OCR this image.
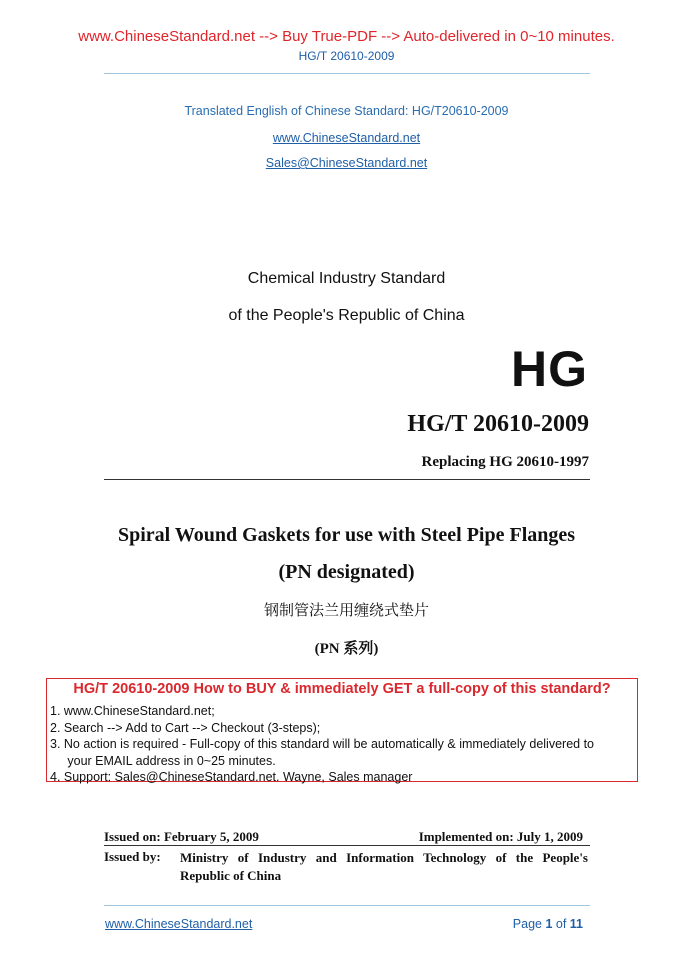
www.ChineseStandard.net --> Buy True-PDF --> Auto-delivered in 0~10 minutes.
HG/T 20610-2009
Translated English of Chinese Standard: HG/T20610-2009
www.ChineseStandard.net
Sales@ChineseStandard.net
Chemical Industry Standard
of the People's Republic of China
HG
HG/T 20610-2009
Replacing HG 20610-1997
Spiral Wound Gaskets for use with Steel Pipe Flanges
(PN designated)
钢制管法兰用缠绕式垫片
(PN 系列)
HG/T 20610-2009 How to BUY & immediately GET a full-copy of this standard?
1. www.ChineseStandard.net;
2. Search --> Add to Cart --> Checkout (3-steps);
3. No action is required - Full-copy of this standard will be automatically & immediately delivered to
your EMAIL address in 0~25 minutes.
4. Support: Sales@ChineseStandard.net. Wayne, Sales manager
Issued on: February 5, 2009	Implemented on: July 1, 2009
Issued by: Ministry of Industry and Information Technology of the People's Republic of China
www.ChineseStandard.net	Page 1 of 11
